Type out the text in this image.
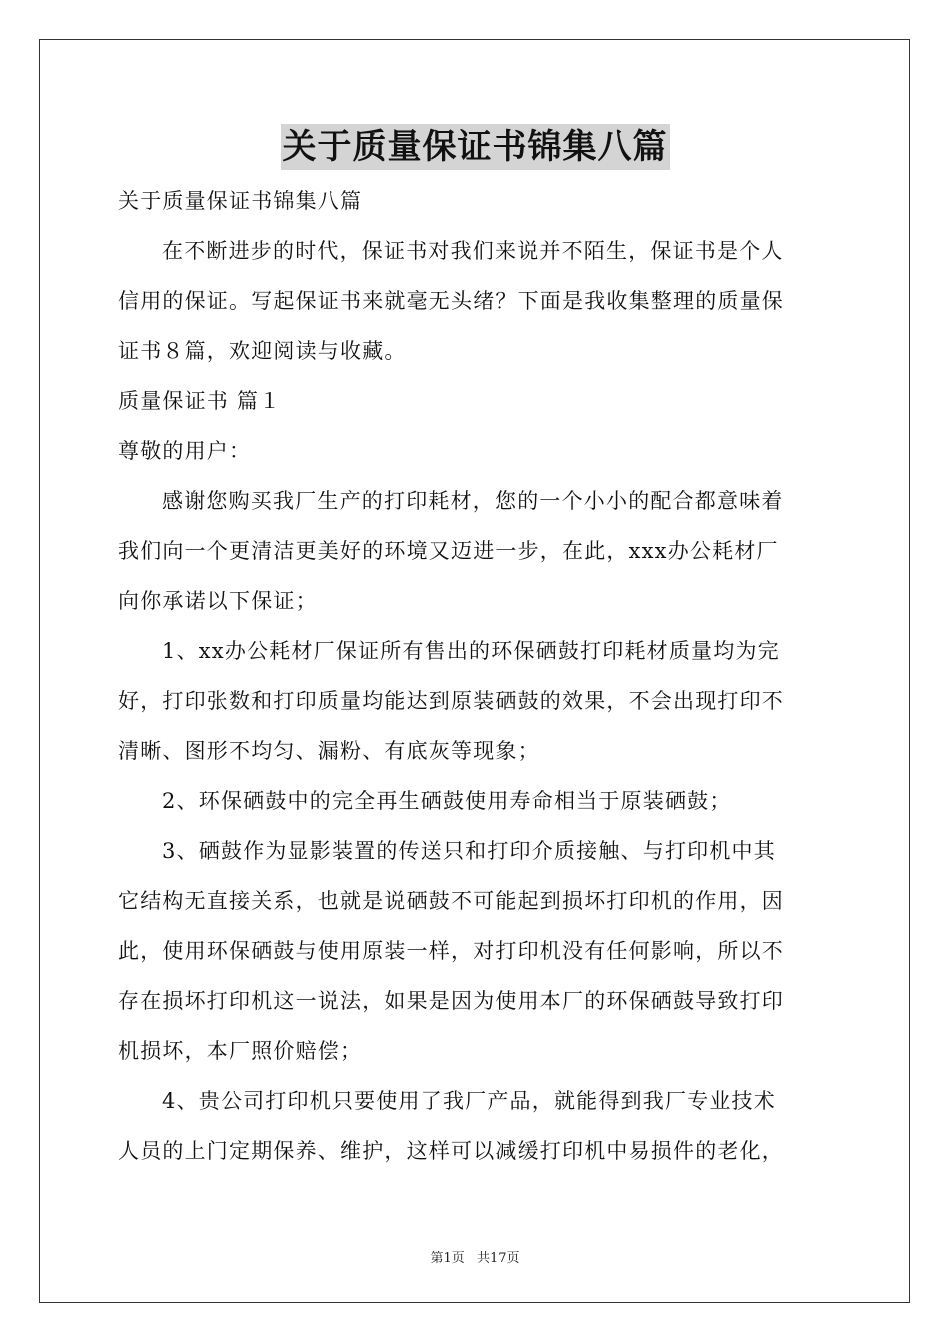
关于质量保证书锦集八篇
关于质量保证书锦集八篇
在不断进步的时代，保证书对我们来说并不陌生，保证书是个人
信用的保证。写起保证书来就毫无头绪？下面是我收集整理的质量保
证书８篇，欢迎阅读与收藏。
质量保证书 篇１
尊敬的用户：
感谢您购买我厂生产的打印耗材，您的一个小小的配合都意味着
我们向一个更清洁更美好的环境又迈进一步，在此，xxx办公耗材厂
向你承诺以下保证；
1、xx办公耗材厂保证所有售出的环保硒鼓打印耗材质量均为完
好，打印张数和打印质量均能达到原装硒鼓的效果，不会出现打印不
清晰、图形不均匀、漏粉、有底灰等现象；
2、环保硒鼓中的完全再生硒鼓使用寿命相当于原装硒鼓；
3、硒鼓作为显影装置的传送只和打印介质接触、与打印机中其
它结构无直接关系，也就是说硒鼓不可能起到损坏打印机的作用，因
此，使用环保硒鼓与使用原装一样，对打印机没有任何影响，所以不
存在损坏打印机这一说法，如果是因为使用本厂的环保硒鼓导致打印
机损坏，本厂照价赔偿；
4、贵公司打印机只要使用了我厂产品，就能得到我厂专业技术
人员的上门定期保养、维护，这样可以减缓打印机中易损件的老化，
第1页 共17页
